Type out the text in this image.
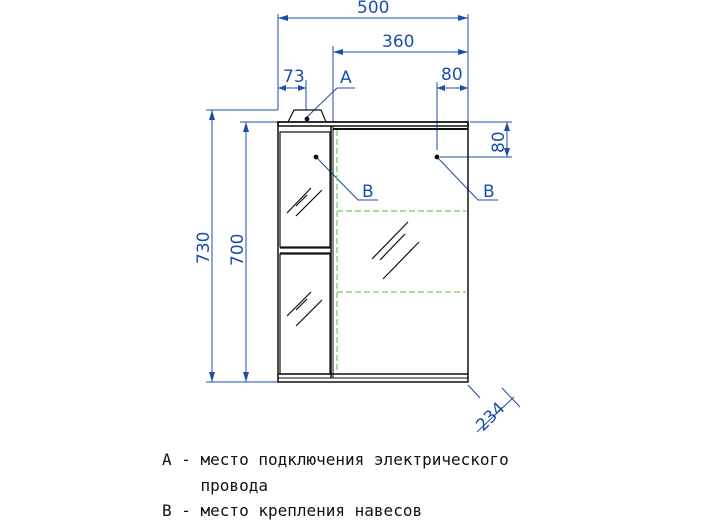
500
360
73 A	80
80
730 700
B	B
234
A - место подключения электрического
провода
B - место крепления навесов
